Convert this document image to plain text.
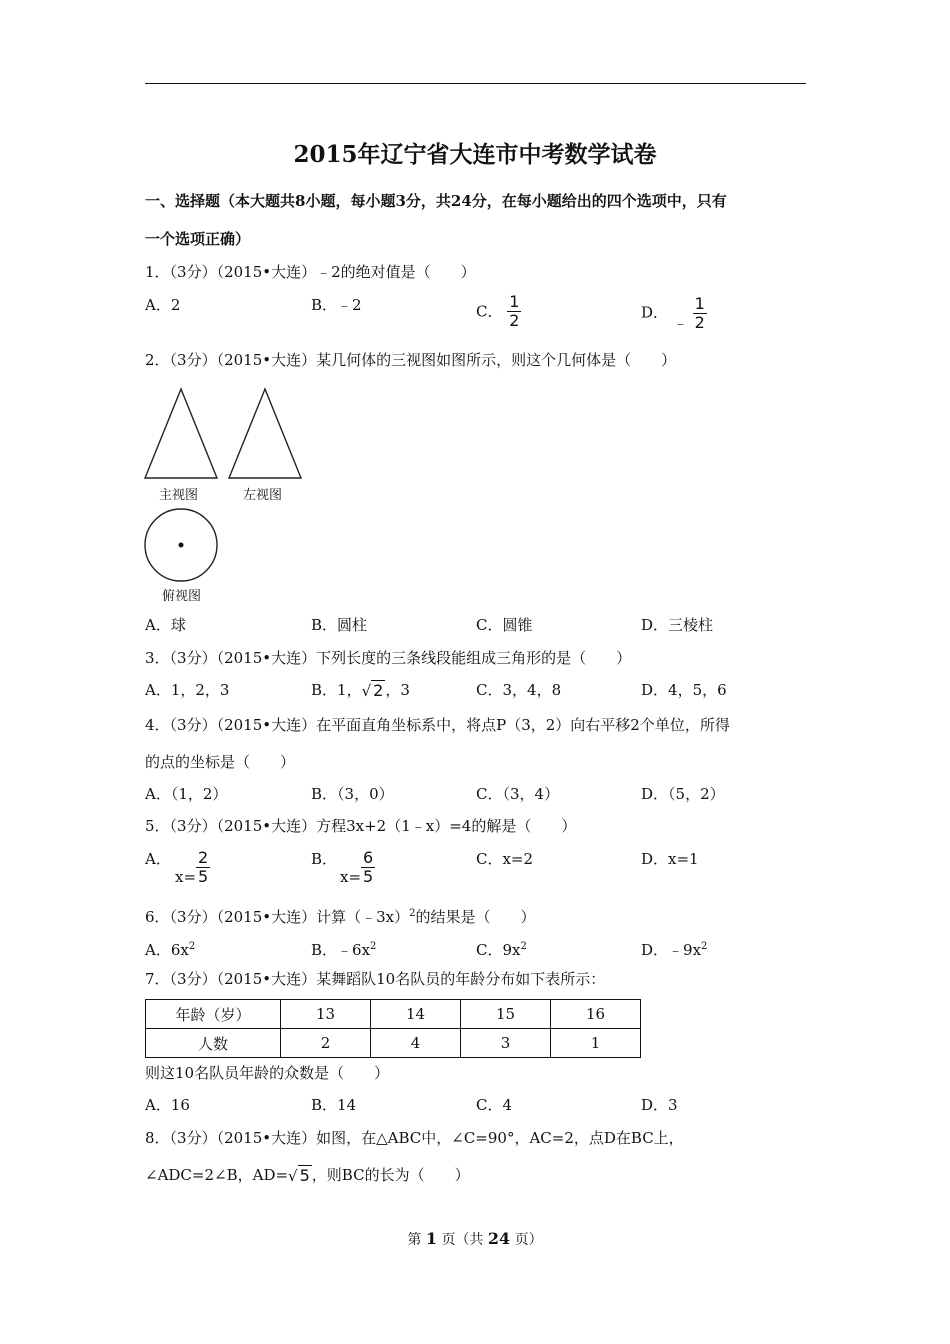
2015年辽宁省大连市中考数学试卷
一、选择题（本大题共8小题，每小题3分，共24分，在每小题给出的四个选项中，只有
一个选项正确）
1．（3分）（2015•大连）﹣2的绝对值是（　　）
A．2	B．﹣2	C． $\frac{1}{2}$	D． ﹣ $\frac{1}{2}$
2．（3分）（2015•大连）某几何体的三视图如图所示，则这个几何体是（　　）
主视图	左视图
俯视图
A．球	B．圆柱	C．圆锥	D．三棱柱
3．（3分）（2015•大连）下列长度的三条线段能组成三角形的是（　　）
A．1，2，3	B．1，√ 2 ，3	C．3，4，8	D．4，5，6
4．（3分）（2015•大连）在平面直角坐标系中，将点P（3，2）向右平移2个单位，所得
的点的坐标是（　　）
A．（1，2）	B．（3，0）	C．（3，4）	D．（5，2）
5．（3分）（2015•大连）方程3x+2（1﹣x）=4的解是（　　）
A．
$x= \frac{2}{5}$	B．
$x= \frac{6}{5}$	C．x=2	D．x=1
6．（3分）（2015•大连）计算（﹣3x）$^2$的结果是（　　）
A．$6x^2$	B．$﹣6x^2$	C．$9x^2$	D．$﹣9x^2$
7．（3分）（2015•大连）某舞蹈队10名队员的年龄分布如下表所示：
年龄（岁）	13	14	15	16
人数	2	4	3	1
则这10名队员年龄的众数是（　　）
A．16	B．14	C．4	D．3
8．（3分）（2015•大连）如图，在△ABC中，∠C=90°，AC=2，点D在BC上，
∠ADC=2∠B，AD=√ 5 ，则BC的长为（　　）
第 1 页（共 24 页）
